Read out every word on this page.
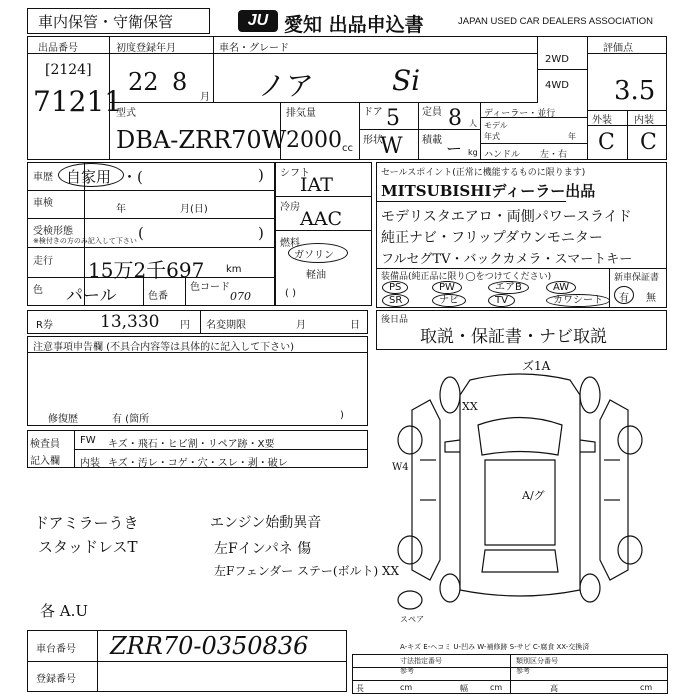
車内保管・守衛保管	JU 愛知 出品申込書	JAPAN USED CAR DEALERS ASSOCIATION
出品番号
[2124]
71211
初度登録年月
22 8
月
車名・グレード
ノア	Si
2WD
4WD
評価点
3.5
外装 内装
C C
型式
DBA-ZRR70W
排気量
2000 cc
ドア 5 定員 8 人
形状
W 積載 ー kg
ディーラー・並行
モデル
年式	年
ハンドル 左・右
車歴 自家用 ・(	)
車検
年	月(日)
受検形態
※検付きの方のみ記入して下さい (	)
走行 15万2千697 km
色 パール	色番
色コード
070
シフト
IAT
冷房
AAC
燃料
ガソリン
軽油
( )
セールスポイント(正常に機能するものに限ります)
MITSUBISHIディーラー出品
モデリスタエアロ・両側パワースライド
純正ナビ・フリップダウンモニター
フルセグTV・バックカメラ・スマートキー
装備品(純正品に限り◯をつけてください)	新車保証書
有 無
PS	PW	エアB	AW
SR	ナビ	TV	カワシート
R券	13,330 円 名変期限	月	日 後日品
取説・保証書・ナビ取説
注意事項申告欄 (不具合内容等は具体的に記入して下さい)
修復歴	有 (箇所	)
検査員
記入欄
FW キズ・飛石・ヒビ割・リペア跡・X要
内装 キズ・汚レ・コゲ・穴・スレ・剥・破レ
ドアミラーうき
スタッドレスT
エンジン始動異音
左Fインパネ 傷
左Fフェンダー ステー(ボルト) XX
各 A.U
ズ1A
XX
W4
A/グ
スペア
車台番号 ZRR70-0350836
登録番号
A-キズ E-ヘコミ U-凹み W-補修跡 S-サビ C-腐食 XX-交換済
寸法指定番号
参考
類別区分番号
参考
長	cm	幅	cm	高	cm
